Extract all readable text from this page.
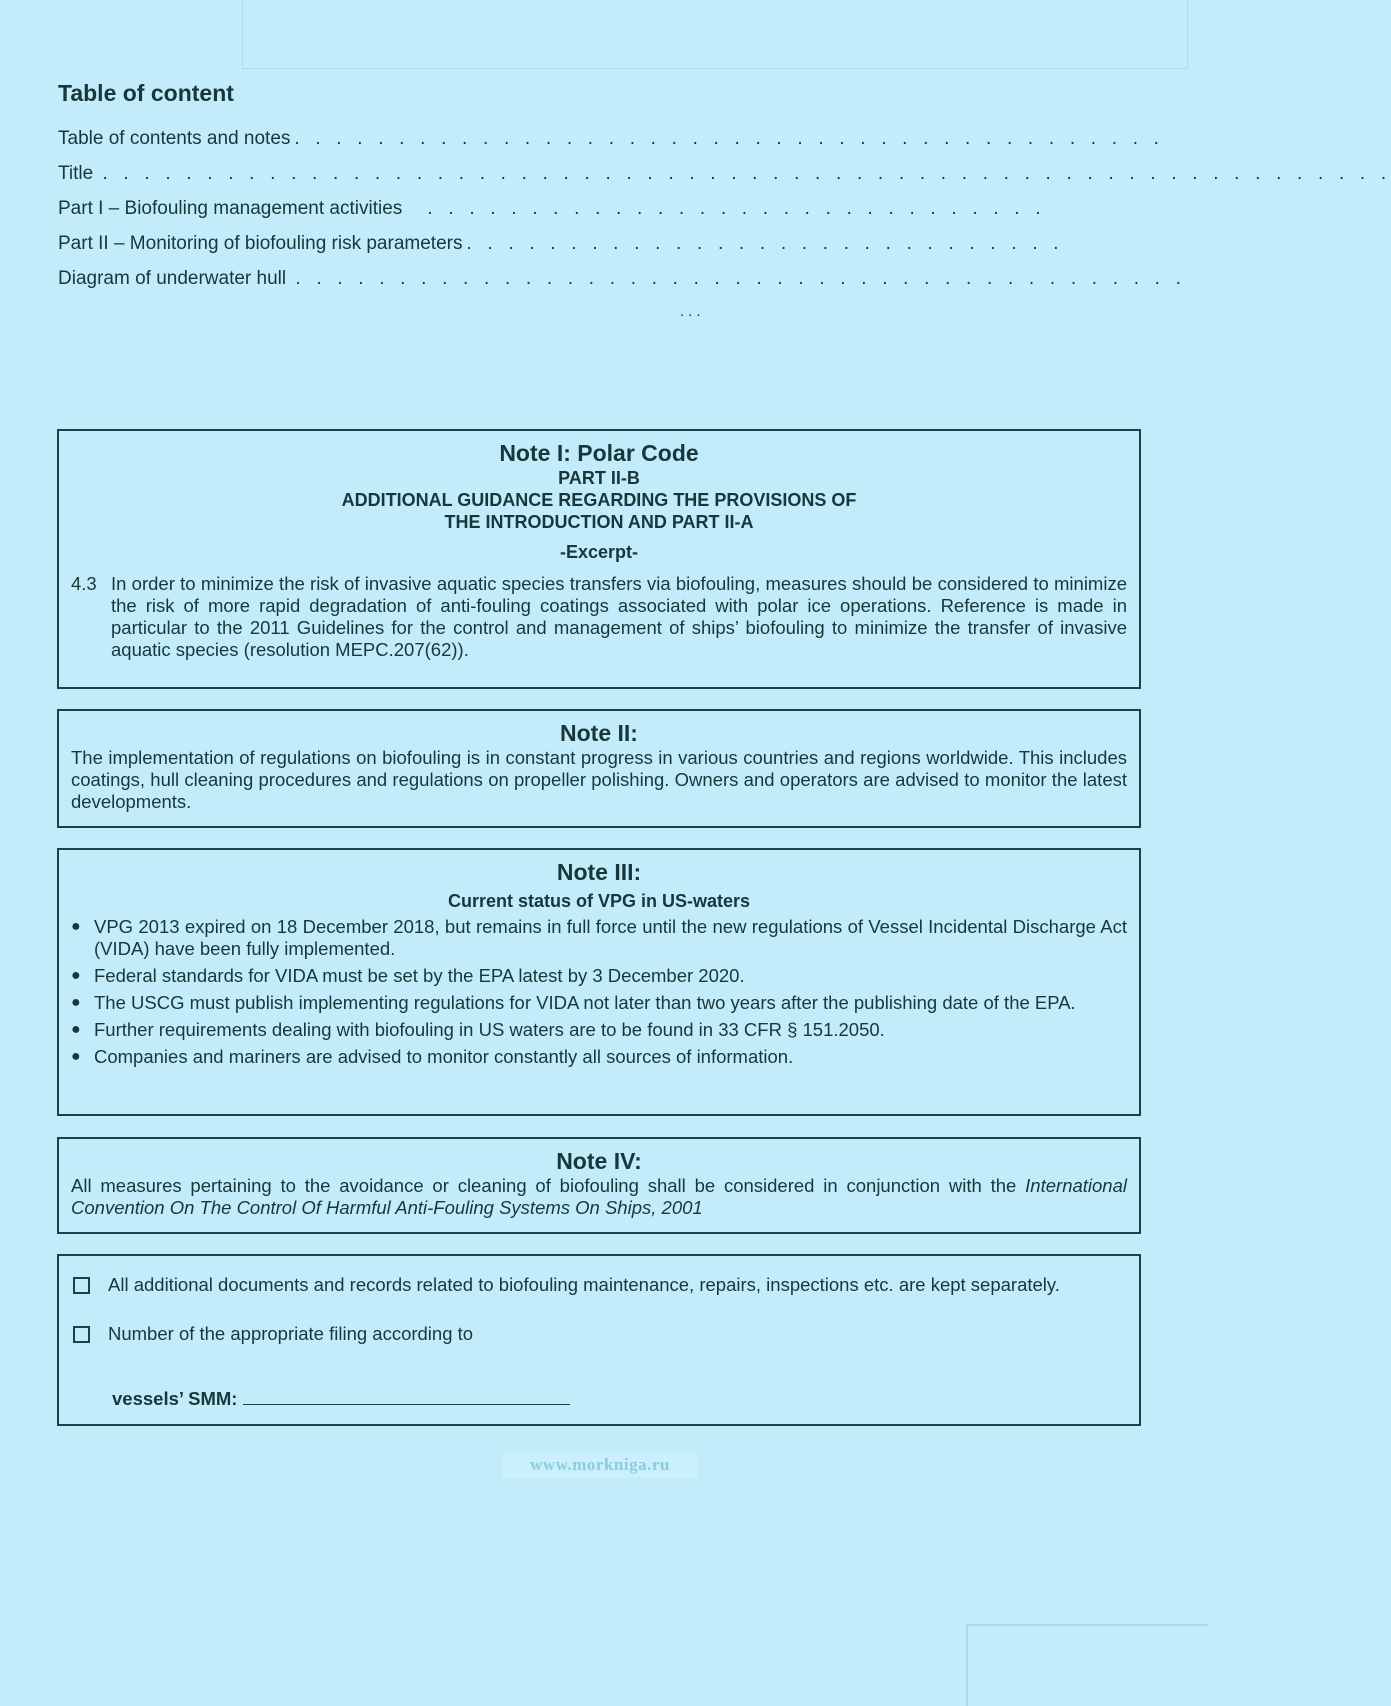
Table of content
Table of contents and notes . . . . . . . . . . . . . . . . . . . . . . . . . . . . . . . . . . . . . . . . . .
Title . . . . . . . . . . . . . . . . . . . . . . . . . . . . . . . . . . . . . . . . . . . . . . . . . . . . . . . . . . . . . .
Part I – Biofouling management activities . . . . . . . . . . . . . . . . . . . . . . . . . . . . . .
Part II – Monitoring of biofouling risk parameters . . . . . . . . . . . . . . . . . . . . . . . . . . . . .
Diagram of underwater hull . . . . . . . . . . . . . . . . . . . . . . . . . . . . . . . . . . . . . . . . . . .
...
Note I: Polar Code
PART II-B
ADDITIONAL GUIDANCE REGARDING THE PROVISIONS OF
THE INTRODUCTION AND PART II-A
-Excerpt-
4.3 In order to minimize the risk of invasive aquatic species transfers via biofouling, measures should be considered to minimize the risk of more rapid degradation of anti-fouling coatings associated with polar ice operations. Reference is made in particular to the 2011 Guidelines for the control and management of ships’ biofouling to minimize the transfer of invasive aquatic species (resolution MEPC.207(62)).
Note II:
The implementation of regulations on biofouling is in constant progress in various countries and regions worldwide. This includes coatings, hull cleaning procedures and regulations on propeller polishing. Owners and operators are advised to monitor the latest developments.
Note III:
Current status of VPG in US-waters
● VPG 2013 expired on 18 December 2018, but remains in full force until the new regulations of Vessel Incidental Discharge Act (VIDA) have been fully implemented.
● Federal standards for VIDA must be set by the EPA latest by 3 December 2020.
● The USCG must publish implementing regulations for VIDA not later than two years after the publishing date of the EPA.
● Further requirements dealing with biofouling in US waters are to be found in 33 CFR § 151.2050.
● Companies and mariners are advised to monitor constantly all sources of information.
Note IV:
All measures pertaining to the avoidance or cleaning of biofouling shall be considered in conjunction with the International Convention On The Control Of Harmful Anti-Fouling Systems On Ships, 2001
All additional documents and records related to biofouling maintenance, repairs, inspections etc. are kept separately.
Number of the appropriate filing according to
vessels’ SMM:
www.morkniga.ru
